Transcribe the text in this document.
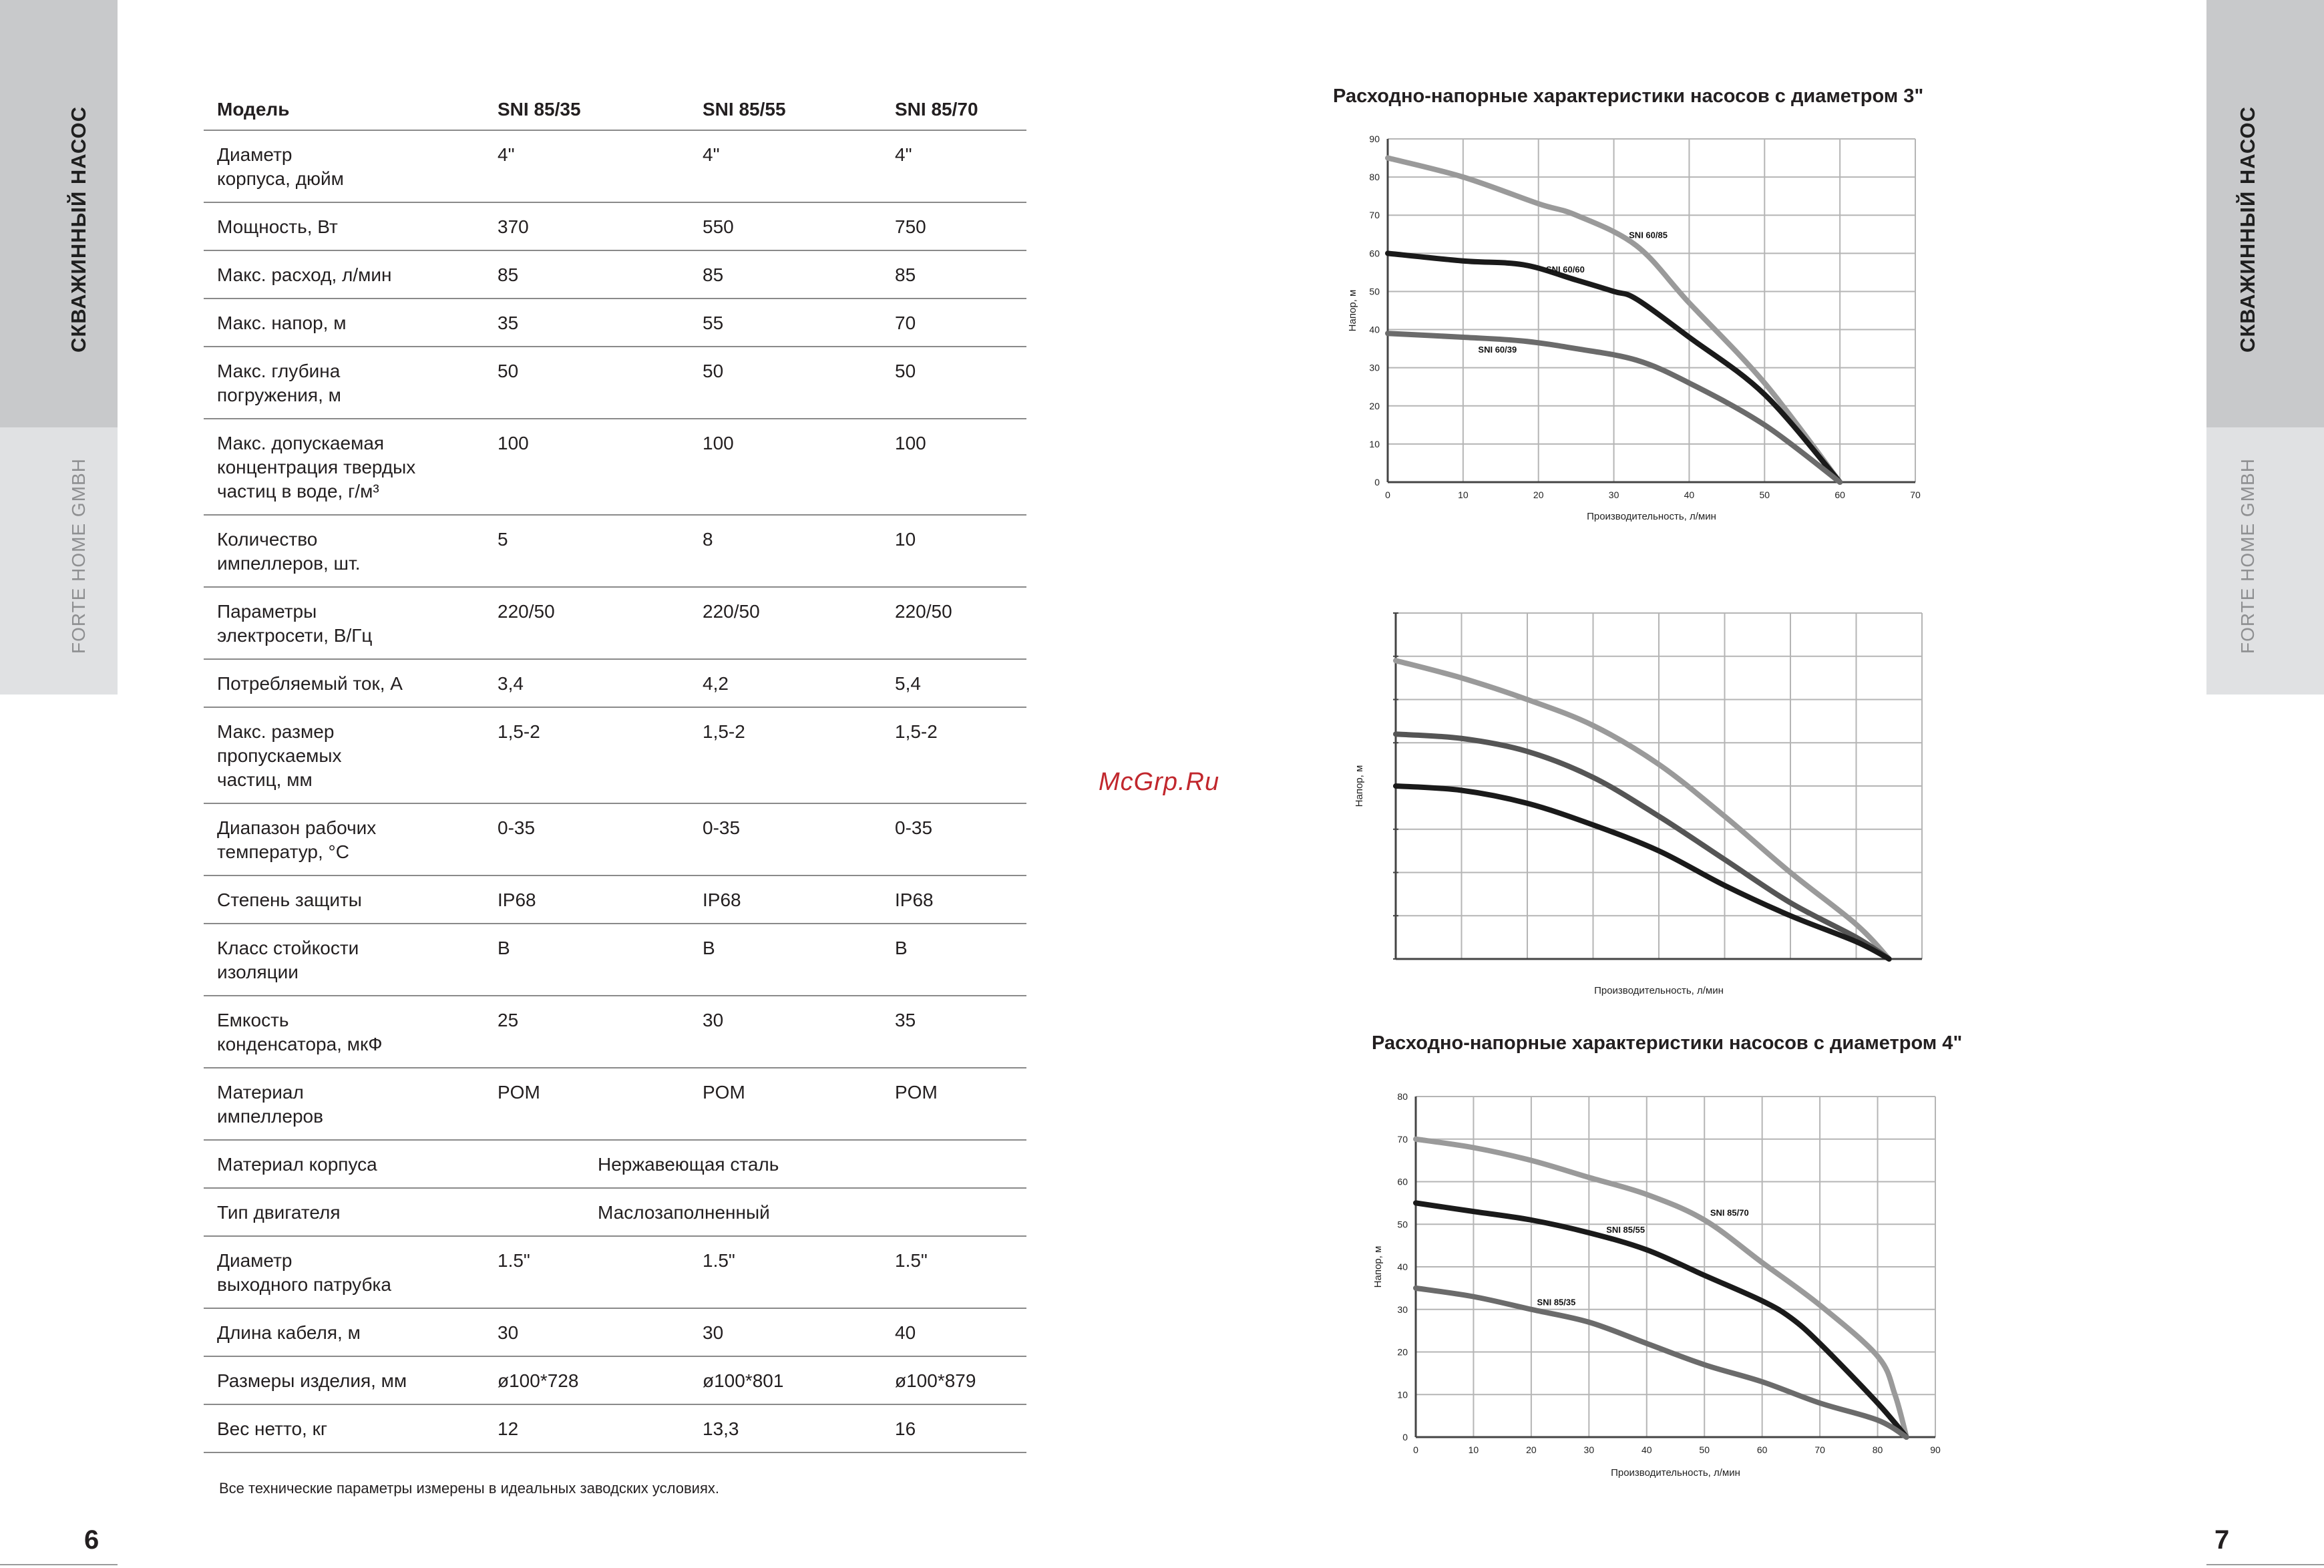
СКВАЖИННЫЙ НАСОС
FORTE HOME GMBH
СКВАЖИННЫЙ НАСОС
FORTE HOME GMBH
6	7
Модель	SNI 85/35	SNI 85/55	SNI 85/70
Диаметр
корпуса, дюйм	4"	4"	4"
Мощность, Вт	370	550	750
Макс. расход, л/мин	85	85	85
Макс. напор, м	35	55	70
Макс. глубина
погружения, м	50	50	50
Макс. допускаемая
концентрация твердых
частиц в воде, г/м³	100	100	100
Количество
импеллеров, шт.	5	8	10
Параметры
электросети, В/Гц	220/50	220/50	220/50
Потребляемый ток, А	3,4	4,2	5,4
Макс. размер
пропускаемых
частиц, мм	1,5-2	1,5-2	1,5-2
Диапазон рабочих
температур, °С	0-35	0-35	0-35
Степень защиты	IP68	IP68	IP68
Класс стойкости
изоляции	B	B	B
Емкость
конденсатора, мкФ	25	30	35
Материал
импеллеров	POM	POM	POM
Материал корпуса	Нержавеющая сталь		
Тип двигателя	Маслозаполненный		
Диаметр
выходного патрубка	1.5"	1.5"	1.5"
Длина кабеля, м	30	30	40
Размеры изделия, мм	ø100*728	ø100*801	ø100*879
Вес нетто, кг	12	13,3	16
Все технические параметры измерены в идеальных заводских условиях.
McGrp.Ru
Расходно-напорные характеристики насосов с диаметром 3"
0	10	20	30	40	50	60	70
0
10
20
30
40
50
60
70
80
90
Производительность, л/мин
Напор, м
SNI 60/85
SNI 60/60
SNI 60/39
Производительность, л/мин
Напор, м
Расходно-напорные характеристики насосов с диаметром 4"
0	10	20	30	40	50	60	70	80	90
0
10
20
30
40
50
60
70
80
Производительность, л/мин
Напор, м
SNI 85/70
SNI 85/55
SNI 85/35
